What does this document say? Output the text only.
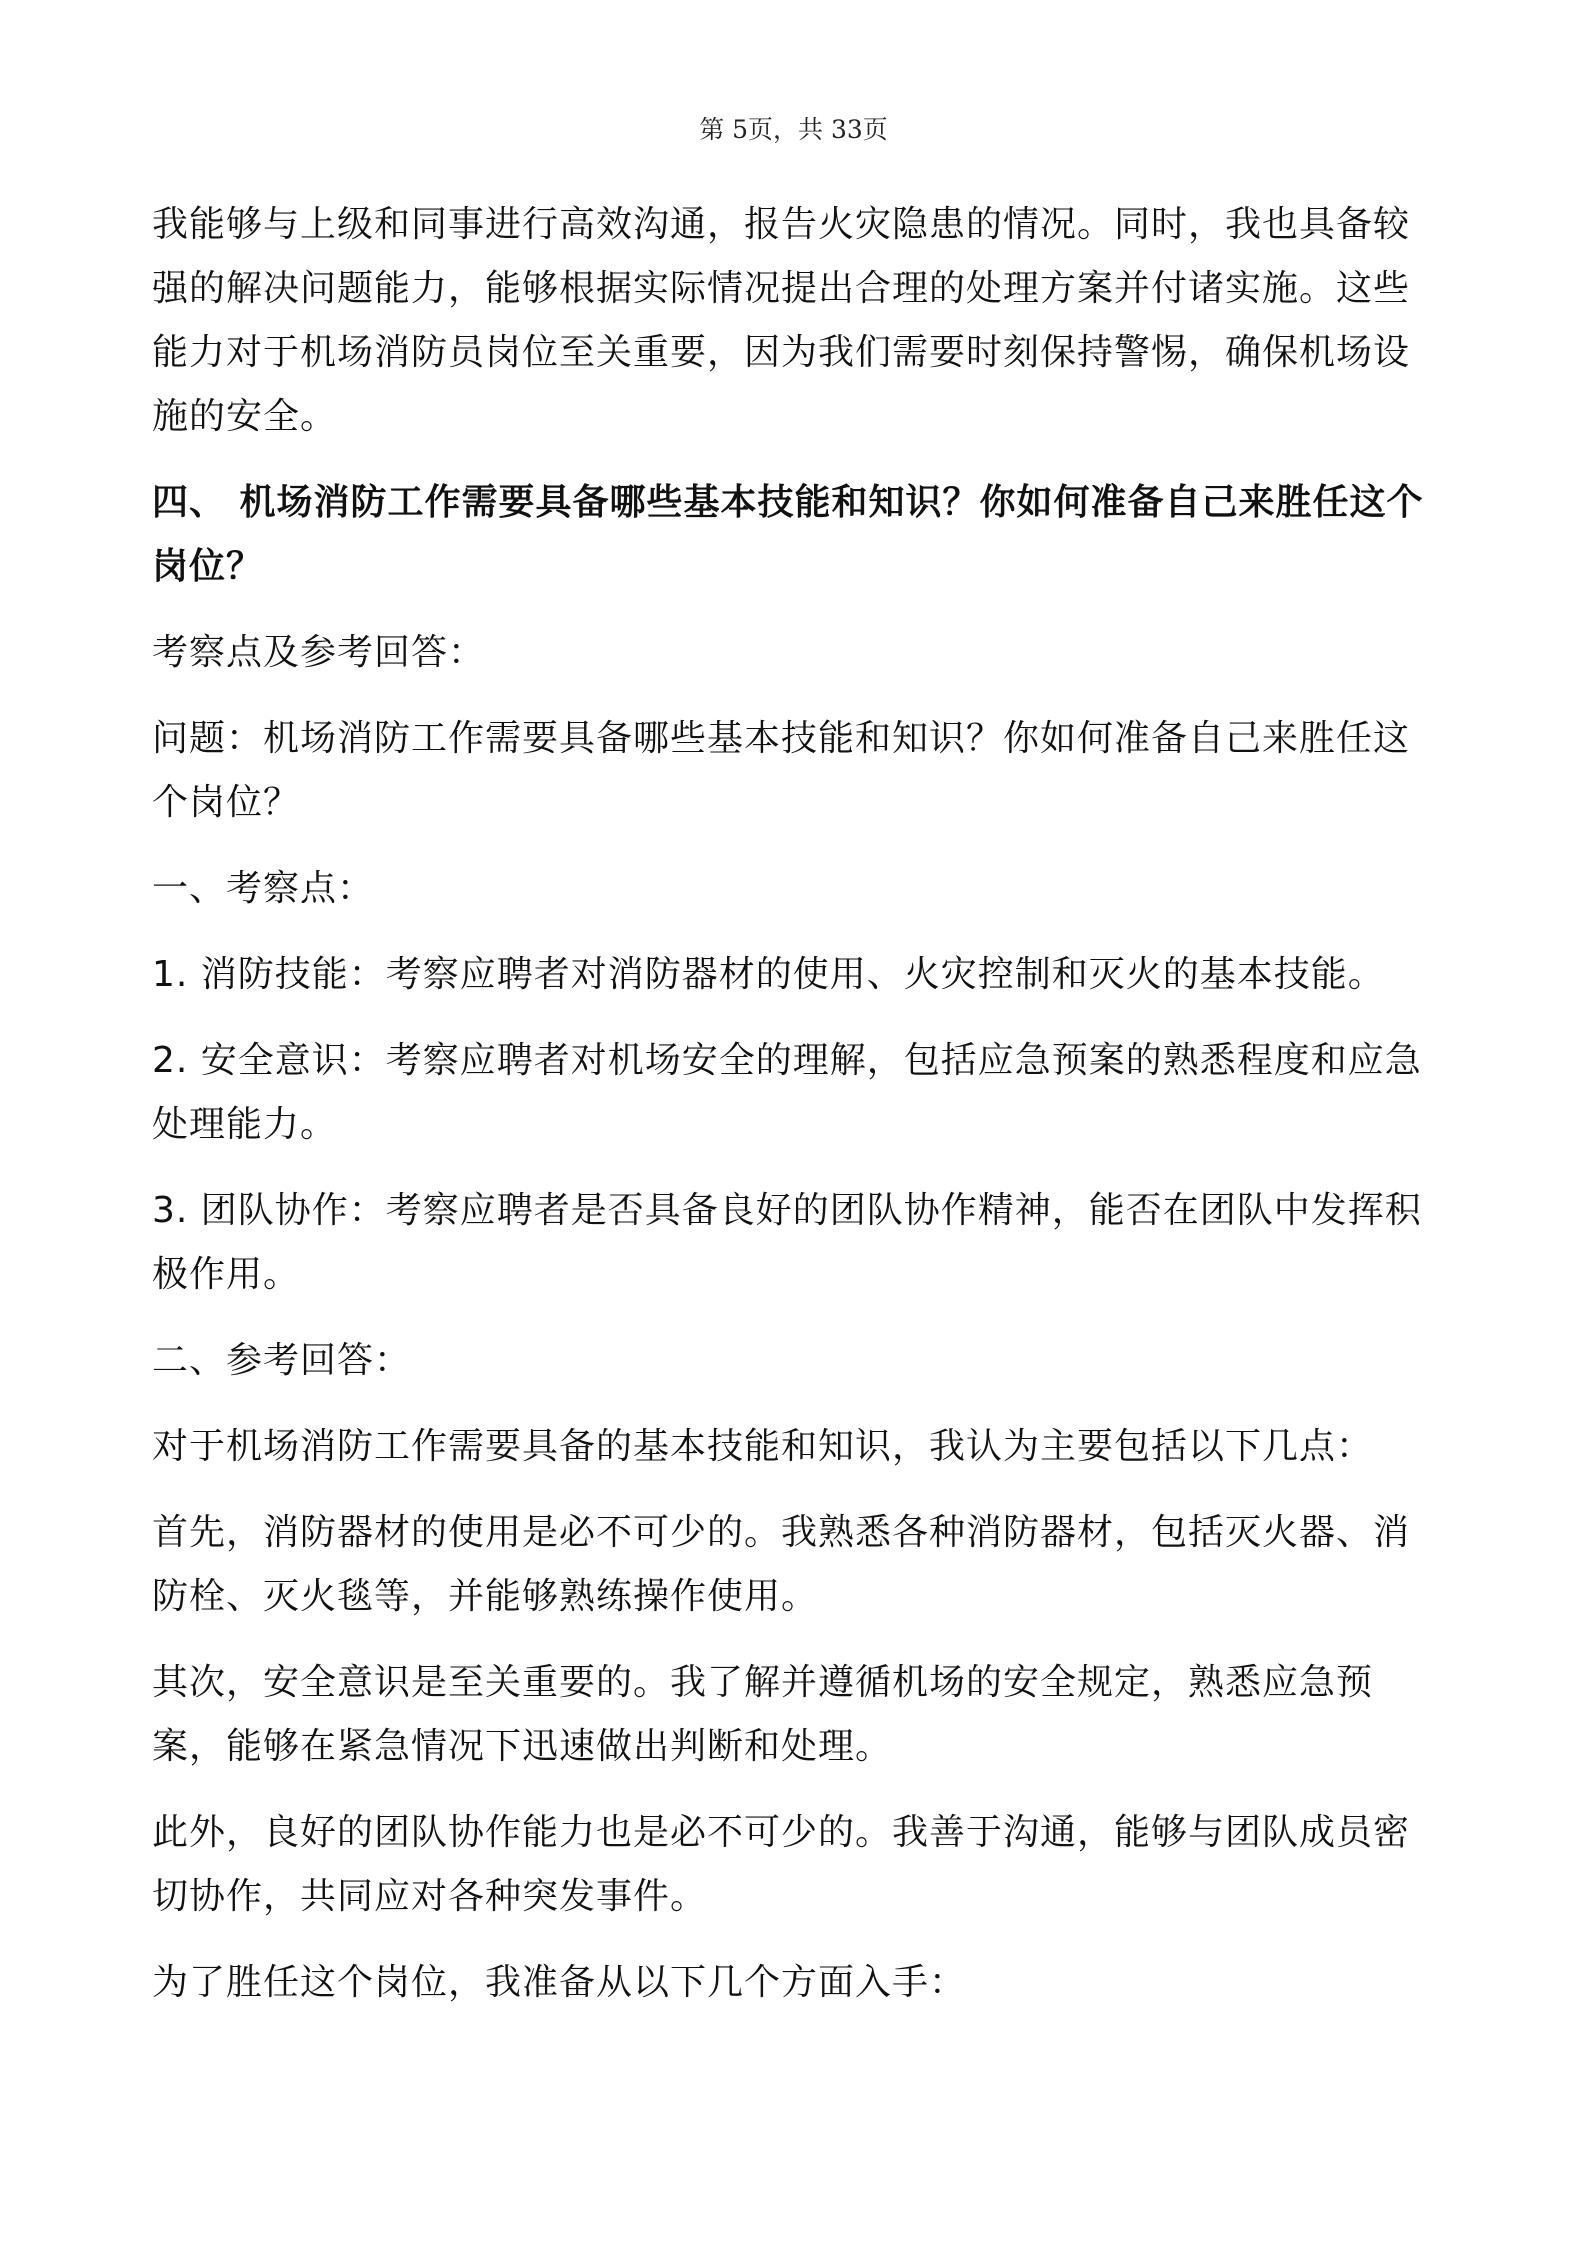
第 5页，共 33页

我能够与上级和同事进行高效沟通，报告火灾隐患的情况。同时，我也具备较强的解决问题能力，能够根据实际情况提出合理的处理方案并付诸实施。这些能力对于机场消防员岗位至关重要，因为我们需要时刻保持警惕，确保机场设施的安全。

四、 机场消防工作需要具备哪些基本技能和知识？你如何准备自己来胜任这个岗位？

考察点及参考回答：

问题：机场消防工作需要具备哪些基本技能和知识？你如何准备自己来胜任这个岗位？

一、考察点：

1. 消防技能：考察应聘者对消防器材的使用、火灾控制和灭火的基本技能。

2. 安全意识：考察应聘者对机场安全的理解，包括应急预案的熟悉程度和应急处理能力。

3. 团队协作：考察应聘者是否具备良好的团队协作精神，能否在团队中发挥积极作用。

二、参考回答：

对于机场消防工作需要具备的基本技能和知识，我认为主要包括以下几点：

首先，消防器材的使用是必不可少的。我熟悉各种消防器材，包括灭火器、消防栓、灭火毯等，并能够熟练操作使用。

其次，安全意识是至关重要的。我了解并遵循机场的安全规定，熟悉应急预案，能够在紧急情况下迅速做出判断和处理。

此外，良好的团队协作能力也是必不可少的。我善于沟通，能够与团队成员密切协作，共同应对各种突发事件。

为了胜任这个岗位，我准备从以下几个方面入手：
